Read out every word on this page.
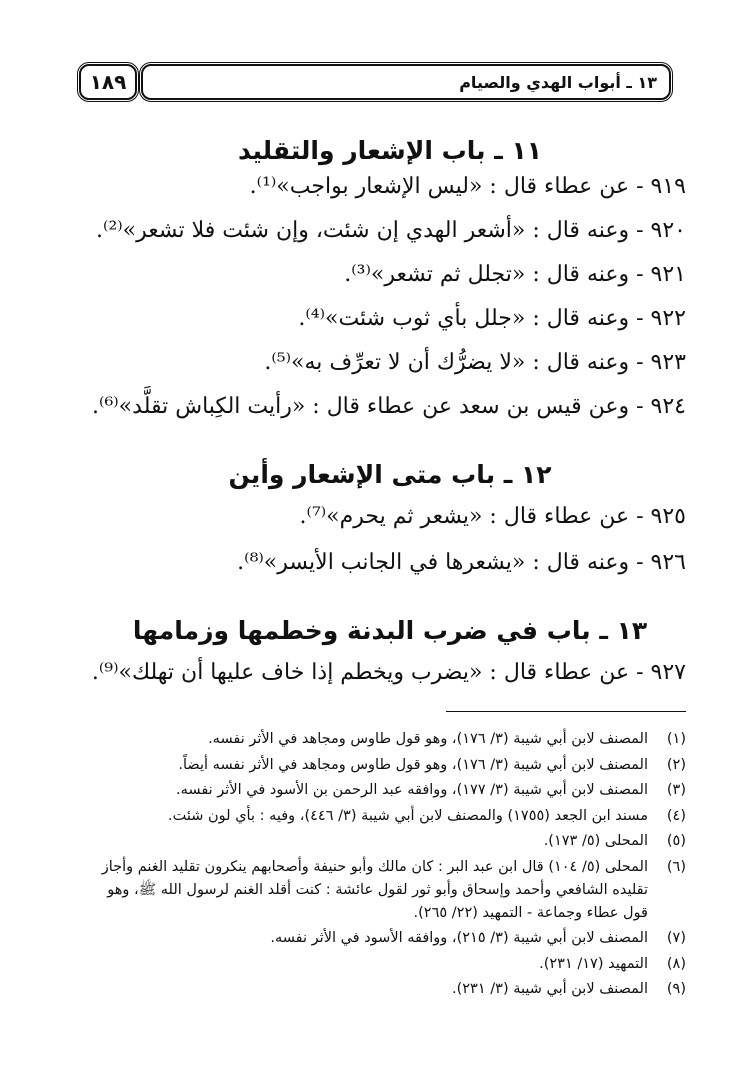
١٨٩	١٣ ـ أبواب الهدي والصيام
١١ ـ باب الإشعار والتقليد
٩١٩ - عن عطاء قال : «ليس الإشعار بواجب»⁽¹⁾.
٩٢٠ - وعنه قال : «أشعر الهدي إن شئت، وإن شئت فلا تشعر»⁽²⁾.
٩٢١ - وعنه قال : «تجلل ثم تشعر»⁽³⁾.
٩٢٢ - وعنه قال : «جلل بأي ثوب شئت»⁽⁴⁾.
٩٢٣ - وعنه قال : «لا يضرُّك أن لا تعرِّف به»⁽⁵⁾.
٩٢٤ - وعن قيس بن سعد عن عطاء قال : «رأيت الكِباش تقلَّد»⁽⁶⁾.
١٢ ـ باب متى الإشعار وأين
٩٢٥ - عن عطاء قال : «يشعر ثم يحرم»⁽⁷⁾.
٩٢٦ - وعنه قال : «يشعرها في الجانب الأيسر»⁽⁸⁾.
١٣ ـ باب في ضرب البدنة وخطمها وزمامها
٩٢٧ - عن عطاء قال : «يضرب ويخطم إذا خاف عليها أن تهلك»⁽⁹⁾.
(١)
المصنف لابن أبي شيبة (٣/ ١٧٦)، وهو قول طاوس ومجاهد في الأثر نفسه.
(٢)
المصنف لابن أبي شيبة (٣/ ١٧٦)، وهو قول طاوس ومجاهد في الأثر نفسه أيضاً.
(٣)
المصنف لابن أبي شيبة (٣/ ١٧٧)، ووافقه عبد الرحمن بن الأسود في الأثر نفسه.
(٤)
مسند ابن الجعد (١٧٥٥) والمصنف لابن أبي شيبة (٣/ ٤٤٦)، وفيه : بأي لون شئت.
(٥)
المحلى (٥/ ١٧٣).
(٦)
المحلى (٥/ ١٠٤) قال ابن عبد البر : كان مالك وأبو حنيفة وأصحابهم ينكرون تقليد الغنم وأجاز تقليده الشافعي وأحمد وإسحاق وأبو ثور لقول عائشة : كنت أقلد الغنم لرسول الله ﷺ، وهو قول عطاء وجماعة - التمهيد (٢٢/ ٢٦٥).
(٧)
المصنف لابن أبي شيبة (٣/ ٢١٥)، ووافقه الأسود في الأثر نفسه.
(٨)
التمهيد (١٧/ ٢٣١).
(٩)
المصنف لابن أبي شيبة (٣/ ٢٣١).
